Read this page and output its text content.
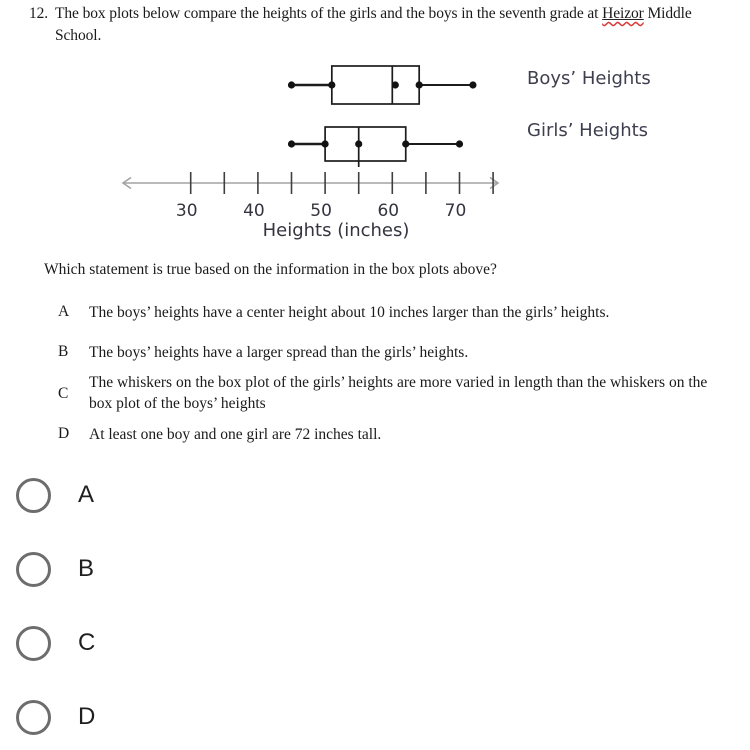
12. The box plots below compare the heights of the girls and the boys in the seventh grade at Heizor Middle
School.
30	40	50	60	70
Heights (inches)
Boys’ Heights
Girls’ Heights
Which statement is true based on the information in the box plots above?
A	The boys’ heights have a center height about 10 inches larger than the girls’ heights.
B	The boys’ heights have a larger spread than the girls’ heights.
C
The whiskers on the box plot of the girls’ heights are more varied in length than the whiskers on the box plot of the boys’ heights
D	At least one boy and one girl are 72 inches tall.
A
B
C
D
